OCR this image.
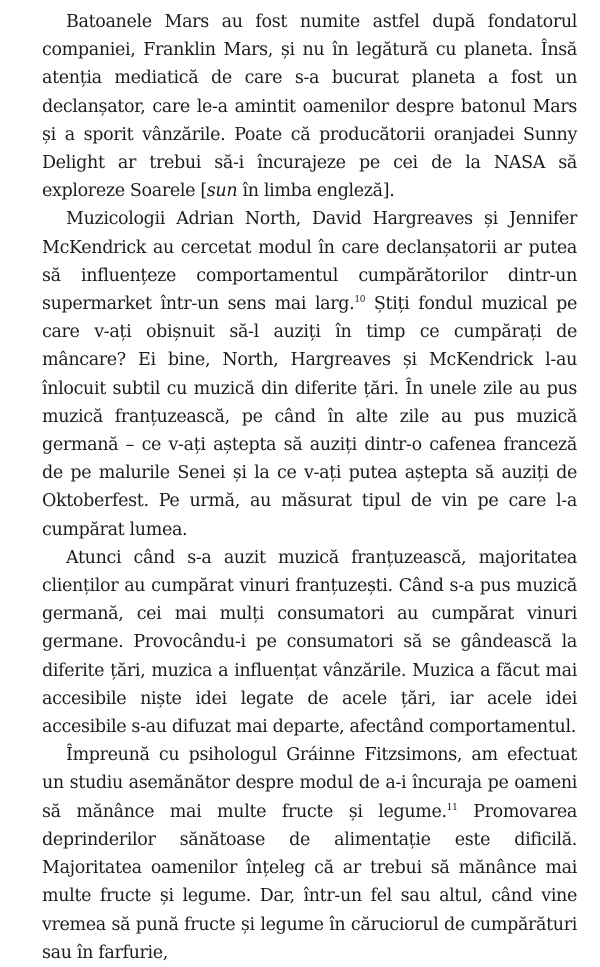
Batoanele Mars au fost numite astfel după fondatorul companiei, Franklin Mars, și nu în legătură cu planeta. Însă atenția mediatică de care s-a bucurat planeta a fost un declanșator, care le-a amintit oamenilor despre batonul Mars și a sporit vânzările. Poate că producătorii oranjadei Sunny Delight ar trebui să-i încurajeze pe cei de la NASA să exploreze Soarele [sun în limba engleză].

Muzicologii Adrian North, David Hargreaves și Jennifer McKendrick au cercetat modul în care declanșatorii ar putea să influențeze comportamentul cumpărătorilor dintr-un supermarket într-un sens mai larg.$^{10}$ Știți fondul muzical pe care v-ați obișnuit să-l auziți în timp ce cumpărați de mâncare? Ei bine, North, Hargreaves și McKendrick l-au înlocuit subtil cu muzică din diferite țări. În unele zile au pus muzică franțuzească, pe când în alte zile au pus muzică germană – ce v-ați aștepta să auziți dintr-o cafenea franceză de pe malurile Senei și la ce v-ați putea aștepta să auziți de Oktoberfest. Pe urmă, au măsurat tipul de vin pe care l-a cumpărat lumea.

Atunci când s-a auzit muzică franțuzească, majoritatea clienților au cumpărat vinuri franțuzești. Când s-a pus muzică germană, cei mai mulți consumatori au cumpărat vinuri germane. Provocându-i pe consumatori să se gândească la diferite țări, muzica a influențat vânzările. Muzica a făcut mai accesibile niște idei legate de acele țări, iar acele idei accesibile s-au difuzat mai departe, afectând comportamentul.

Împreună cu psihologul Gráinne Fitzsimons, am efectuat un studiu asemănător despre modul de a-i încuraja pe oameni să mănânce mai multe fructe și legume.$^{11}$ Promovarea deprinderilor sănătoase de alimentație este dificilă. Majoritatea oamenilor înțeleg că ar trebui să mănânce mai multe fructe și legume. Dar, într-un fel sau altul, când vine vremea să pună fructe și legume în căruciorul de cumpărături sau în farfurie,
